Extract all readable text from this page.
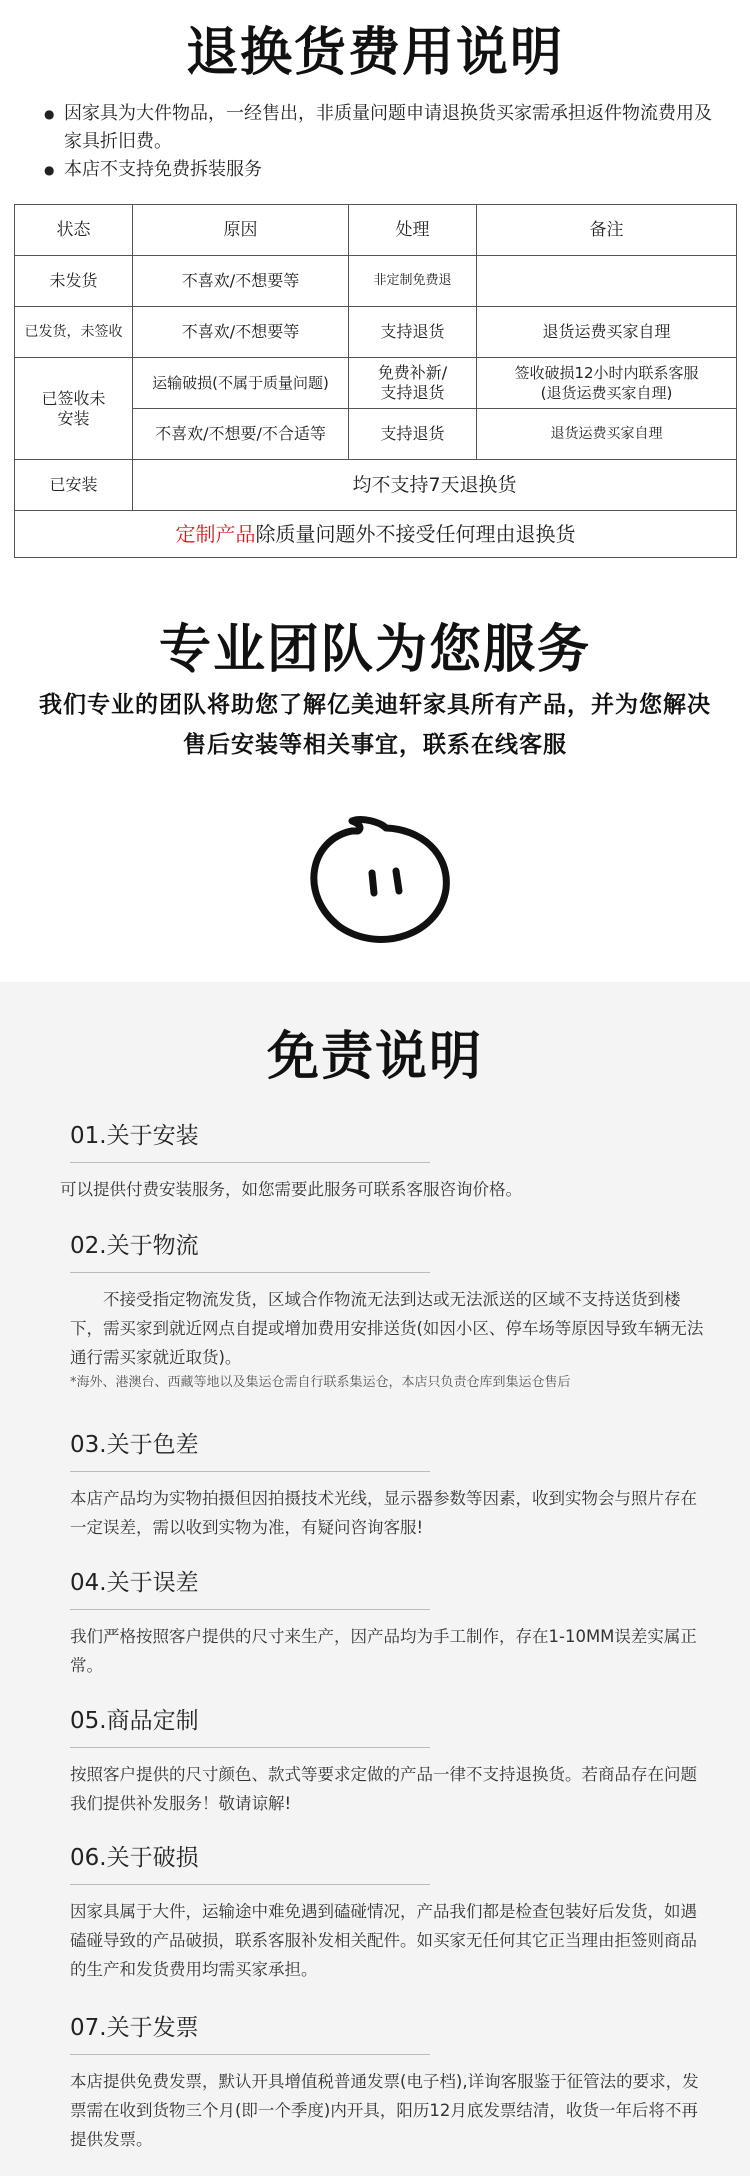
退换货费用说明
● 因家具为大件物品，一经售出，非质量问题申请退换货买家需承担返件物流费用及家具折旧费。
● 本店不支持免费拆装服务
状态	原因	处理	备注
未发货	不喜欢/不想要等	非定制免费退	
已发货，未签收	不喜欢/不想要等	支持退货	退货运费买家自理
已签收未安装	运输破损(不属于质量问题)	免费补新/支持退货	签收破损12小时内联系客服(退货运费买家自理)
	不喜欢/不想要/不合适等	支持退货	退货运费买家自理
已安装	均不支持7天退换货		
定制产品除质量问题外不接受任何理由退换货			
专业团队为您服务
我们专业的团队将助您了解亿美迪轩家具所有产品，并为您解决
售后安装等相关事宜，联系在线客服
免责说明
01.关于安装
可以提供付费安装服务，如您需要此服务可联系客服咨询价格。
02.关于物流
不接受指定物流发货，区域合作物流无法到达或无法派送的区域不支持送货到楼下，需买家到就近网点自提或增加费用安排送货(如因小区、停车场等原因导致车辆无法通行需买家就近取货)。
*海外、港澳台、西藏等地以及集运仓需自行联系集运仓，本店只负责仓库到集运仓售后
03.关于色差
本店产品均为实物拍摄但因拍摄技术光线，显示器参数等因素，收到实物会与照片存在一定误差，需以收到实物为准，有疑问咨询客服!
04.关于误差
我们严格按照客户提供的尺寸来生产，因产品均为手工制作，存在1-10MM误差实属正常。
05.商品定制
按照客户提供的尺寸颜色、款式等要求定做的产品一律不支持退换货。若商品存在问题我们提供补发服务！敬请谅解!
06.关于破损
因家具属于大件，运输途中难免遇到磕碰情况，产品我们都是检查包装好后发货，如遇磕碰导致的产品破损，联系客服补发相关配件。如买家无任何其它正当理由拒签则商品的生产和发货费用均需买家承担。
07.关于发票
本店提供免费发票，默认开具增值税普通发票(电子档),详询客服鉴于征管法的要求，发票需在收到货物三个月(即一个季度)内开具，阳历12月底发票结清，收货一年后将不再提供发票。
